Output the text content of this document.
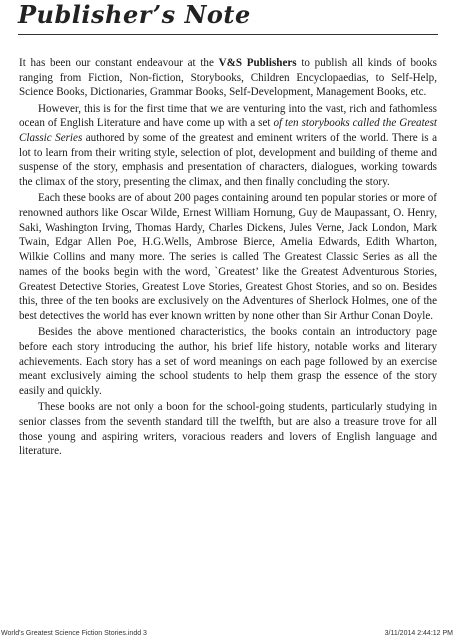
Publisher’s Note

It has been our constant endeavour at the V&S Publishers to publish all kinds of books ranging from Fiction, Non-fiction, Storybooks, Children Encyclopaedias, to Self-Help, Science Books, Dictionaries, Grammar Books, Self-Development, Management Books, etc.

However, this is for the first time that we are venturing into the vast, rich and fathomless ocean of English Literature and have come up with a set of ten storybooks called the Greatest Classic Series authored by some of the greatest and eminent writers of the world. There is a lot to learn from their writing style, selection of plot, development and building of theme and suspense of the story, emphasis and presentation of characters, dialogues, working towards the climax of the story, presenting the climax, and then finally concluding the story.

Each these books are of about 200 pages containing around ten popular stories or more of renowned authors like Oscar Wilde, Ernest William Hornung, Guy de Maupassant, O. Henry, Saki, Washington Irving, Thomas Hardy, Charles Dickens, Jules Verne, Jack London, Mark Twain, Edgar Allen Poe, H.G.Wells, Ambrose Bierce, Amelia Edwards, Edith Wharton, Wilkie Collins and many more. The series is called The Greatest Classic Series as all the names of the books begin with the word, `Greatest’ like the Greatest Adventurous Stories, Greatest Detective Stories, Greatest Love Stories, Greatest Ghost Stories, and so on. Besides this, three of the ten books are exclusively on the Adventures of Sherlock Holmes, one of the best detectives the world has ever known written by none other than Sir Arthur Conan Doyle.

Besides the above mentioned characteristics, the books contain an introductory page before each story introducing the author, his brief life history, notable works and literary achievements. Each story has a set of word meanings on each page followed by an exercise meant exclusively aiming the school students to help them grasp the essence of the story easily and quickly.

These books are not only a boon for the school-going students, particularly studying in senior classes from the seventh standard till the twelfth, but are also a treasure trove for all those young and aspiring writers, voracious readers and lovers of English language and literature.

World's Greatest Science Fiction Stories.indd 3	3/11/2014 2:44:12 PM
